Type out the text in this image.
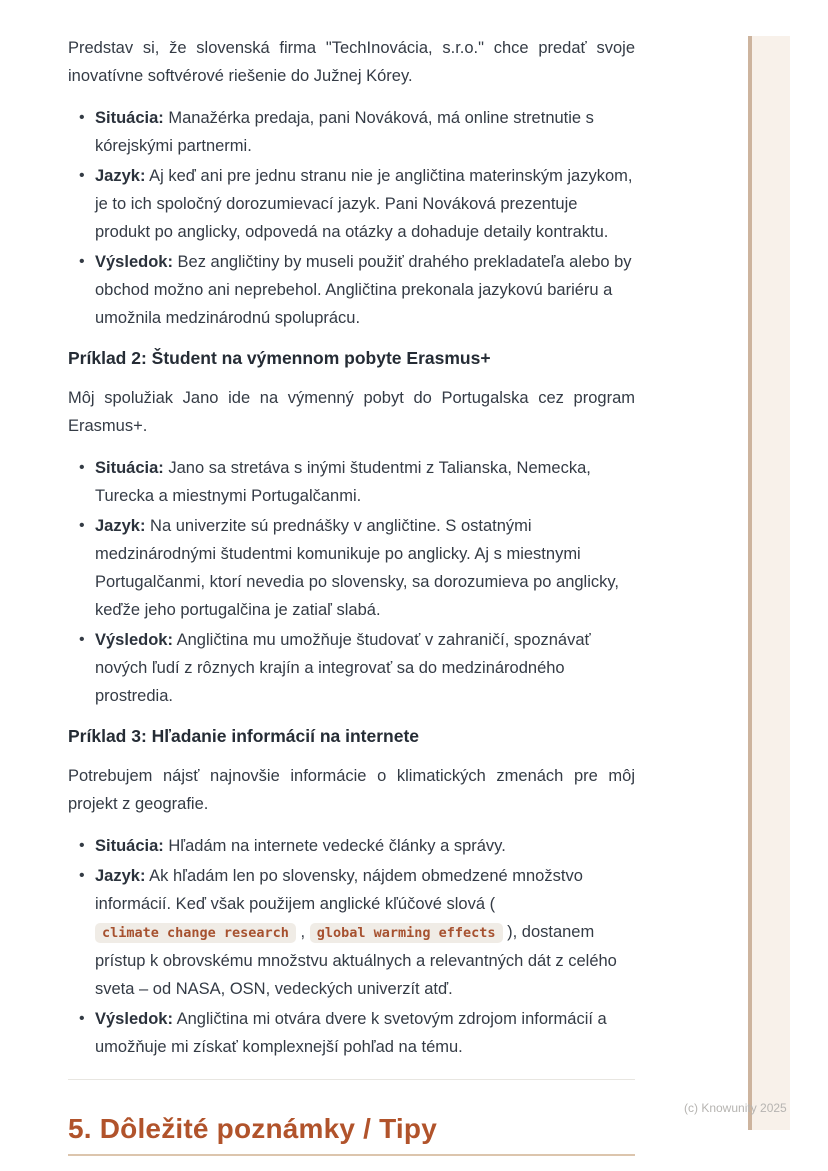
Predstav si, že slovenská firma "TechInovácia, s.r.o." chce predať svoje inovatívne softvérové riešenie do Južnej Kórey.

• Situácia: Manažérka predaja, pani Nováková, má online stretnutie s kórejskými partnermi.
• Jazyk: Aj keď ani pre jednu stranu nie je angličtina materinským jazykom, je to ich spoločný dorozumievací jazyk. Pani Nováková prezentuje produkt po anglicky, odpovedá na otázky a dohaduje detaily kontraktu.
• Výsledok: Bez angličtiny by museli použiť drahého prekladateľa alebo by obchod možno ani neprebehol. Angličtina prekonala jazykovú bariéru a umožnila medzinárodnú spoluprácu.
Príklad 2: Študent na výmennom pobyte Erasmus+

Môj spolužiak Jano ide na výmenný pobyt do Portugalska cez program Erasmus+.

• Situácia: Jano sa stretáva s inými študentmi z Talianska, Nemecka, Turecka a miestnymi Portugalčanmi.
• Jazyk: Na univerzite sú prednášky v angličtine. S ostatnými medzinárodnými študentmi komunikuje po anglicky. Aj s miestnymi Portugalčanmi, ktorí nevedia po slovensky, sa dorozumieva po anglicky, keďže jeho portugalčina je zatiaľ slabá.
• Výsledok: Angličtina mu umožňuje študovať v zahraničí, spoznávať nových ľudí z rôznych krajín a integrovať sa do medzinárodného prostredia.
Príklad 3: Hľadanie informácií na internete

Potrebujem nájsť najnovšie informácie o klimatických zmenách pre môj projekt z geografie.

• Situácia: Hľadám na internete vedecké články a správy.
• Jazyk: Ak hľadám len po slovensky, nájdem obmedzené množstvo informácií. Keď však použijem anglické kľúčové slová ( climate change research , global warming effects ), dostanem prístup k obrovskému množstvu aktuálnych a relevantných dát z celého sveta – od NASA, OSN, vedeckých univerzít atď.
• Výsledok: Angličtina mi otvára dvere k svetovým zdrojom informácií a umožňuje mi získať komplexnejší pohľad na tému.
5. Dôležité poznámky / Tipy
(c) Knowunity 2025
